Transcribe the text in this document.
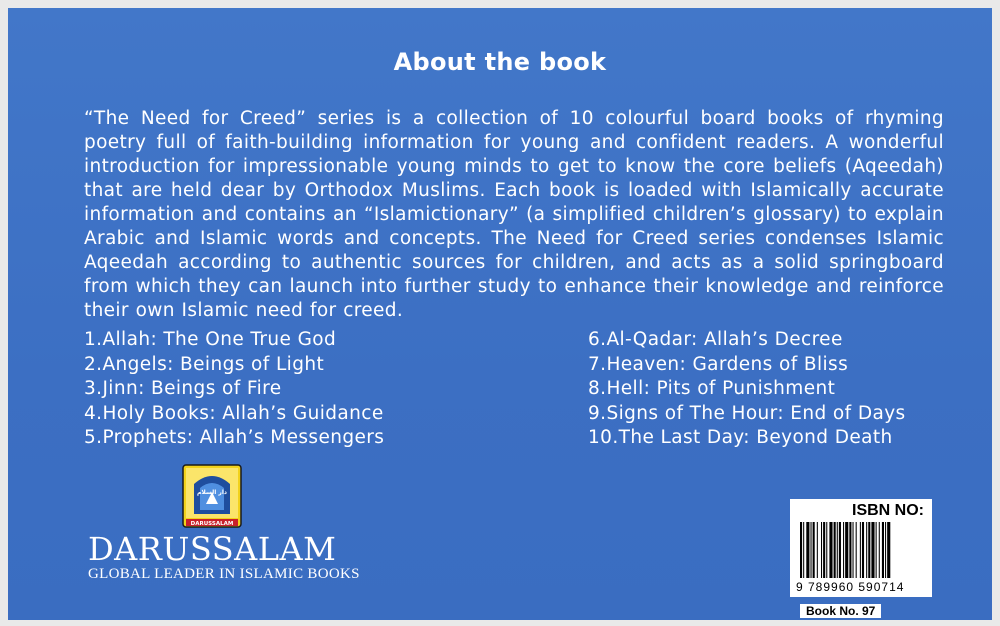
About the book

“The Need for Creed” series is a collection of 10 colourful board books of rhyming poetry full of faith-building information for young and confident readers. A wonderful introduction for impressionable young minds to get to know the core beliefs (Aqeedah) that are held dear by Orthodox Muslims. Each book is loaded with Islamically accurate information and contains an “Islamictionary” (a simplified children’s glossary) to explain Arabic and Islamic words and concepts. The Need for Creed series condenses Islamic Aqeedah according to authentic sources for children, and acts as a solid springboard from which they can launch into further study to enhance their knowledge and reinforce their own Islamic need for creed.

1.Allah: The One True God
2.Angels: Beings of Light
3.Jinn: Beings of Fire
4.Holy Books: Allah’s Guidance
5.Prophets: Allah’s Messengers
6.Al-Qadar: Allah’s Decree
7.Heaven: Gardens of Bliss
8.Hell: Pits of Punishment
9.Signs of The Hour: End of Days
10.The Last Day: Beyond Death
دار السلام
DARUSSALAM
DARUSSALAM
GLOBAL LEADER IN ISLAMIC BOOKS
ISBN NO:
9 789960 590714
Book No. 97
